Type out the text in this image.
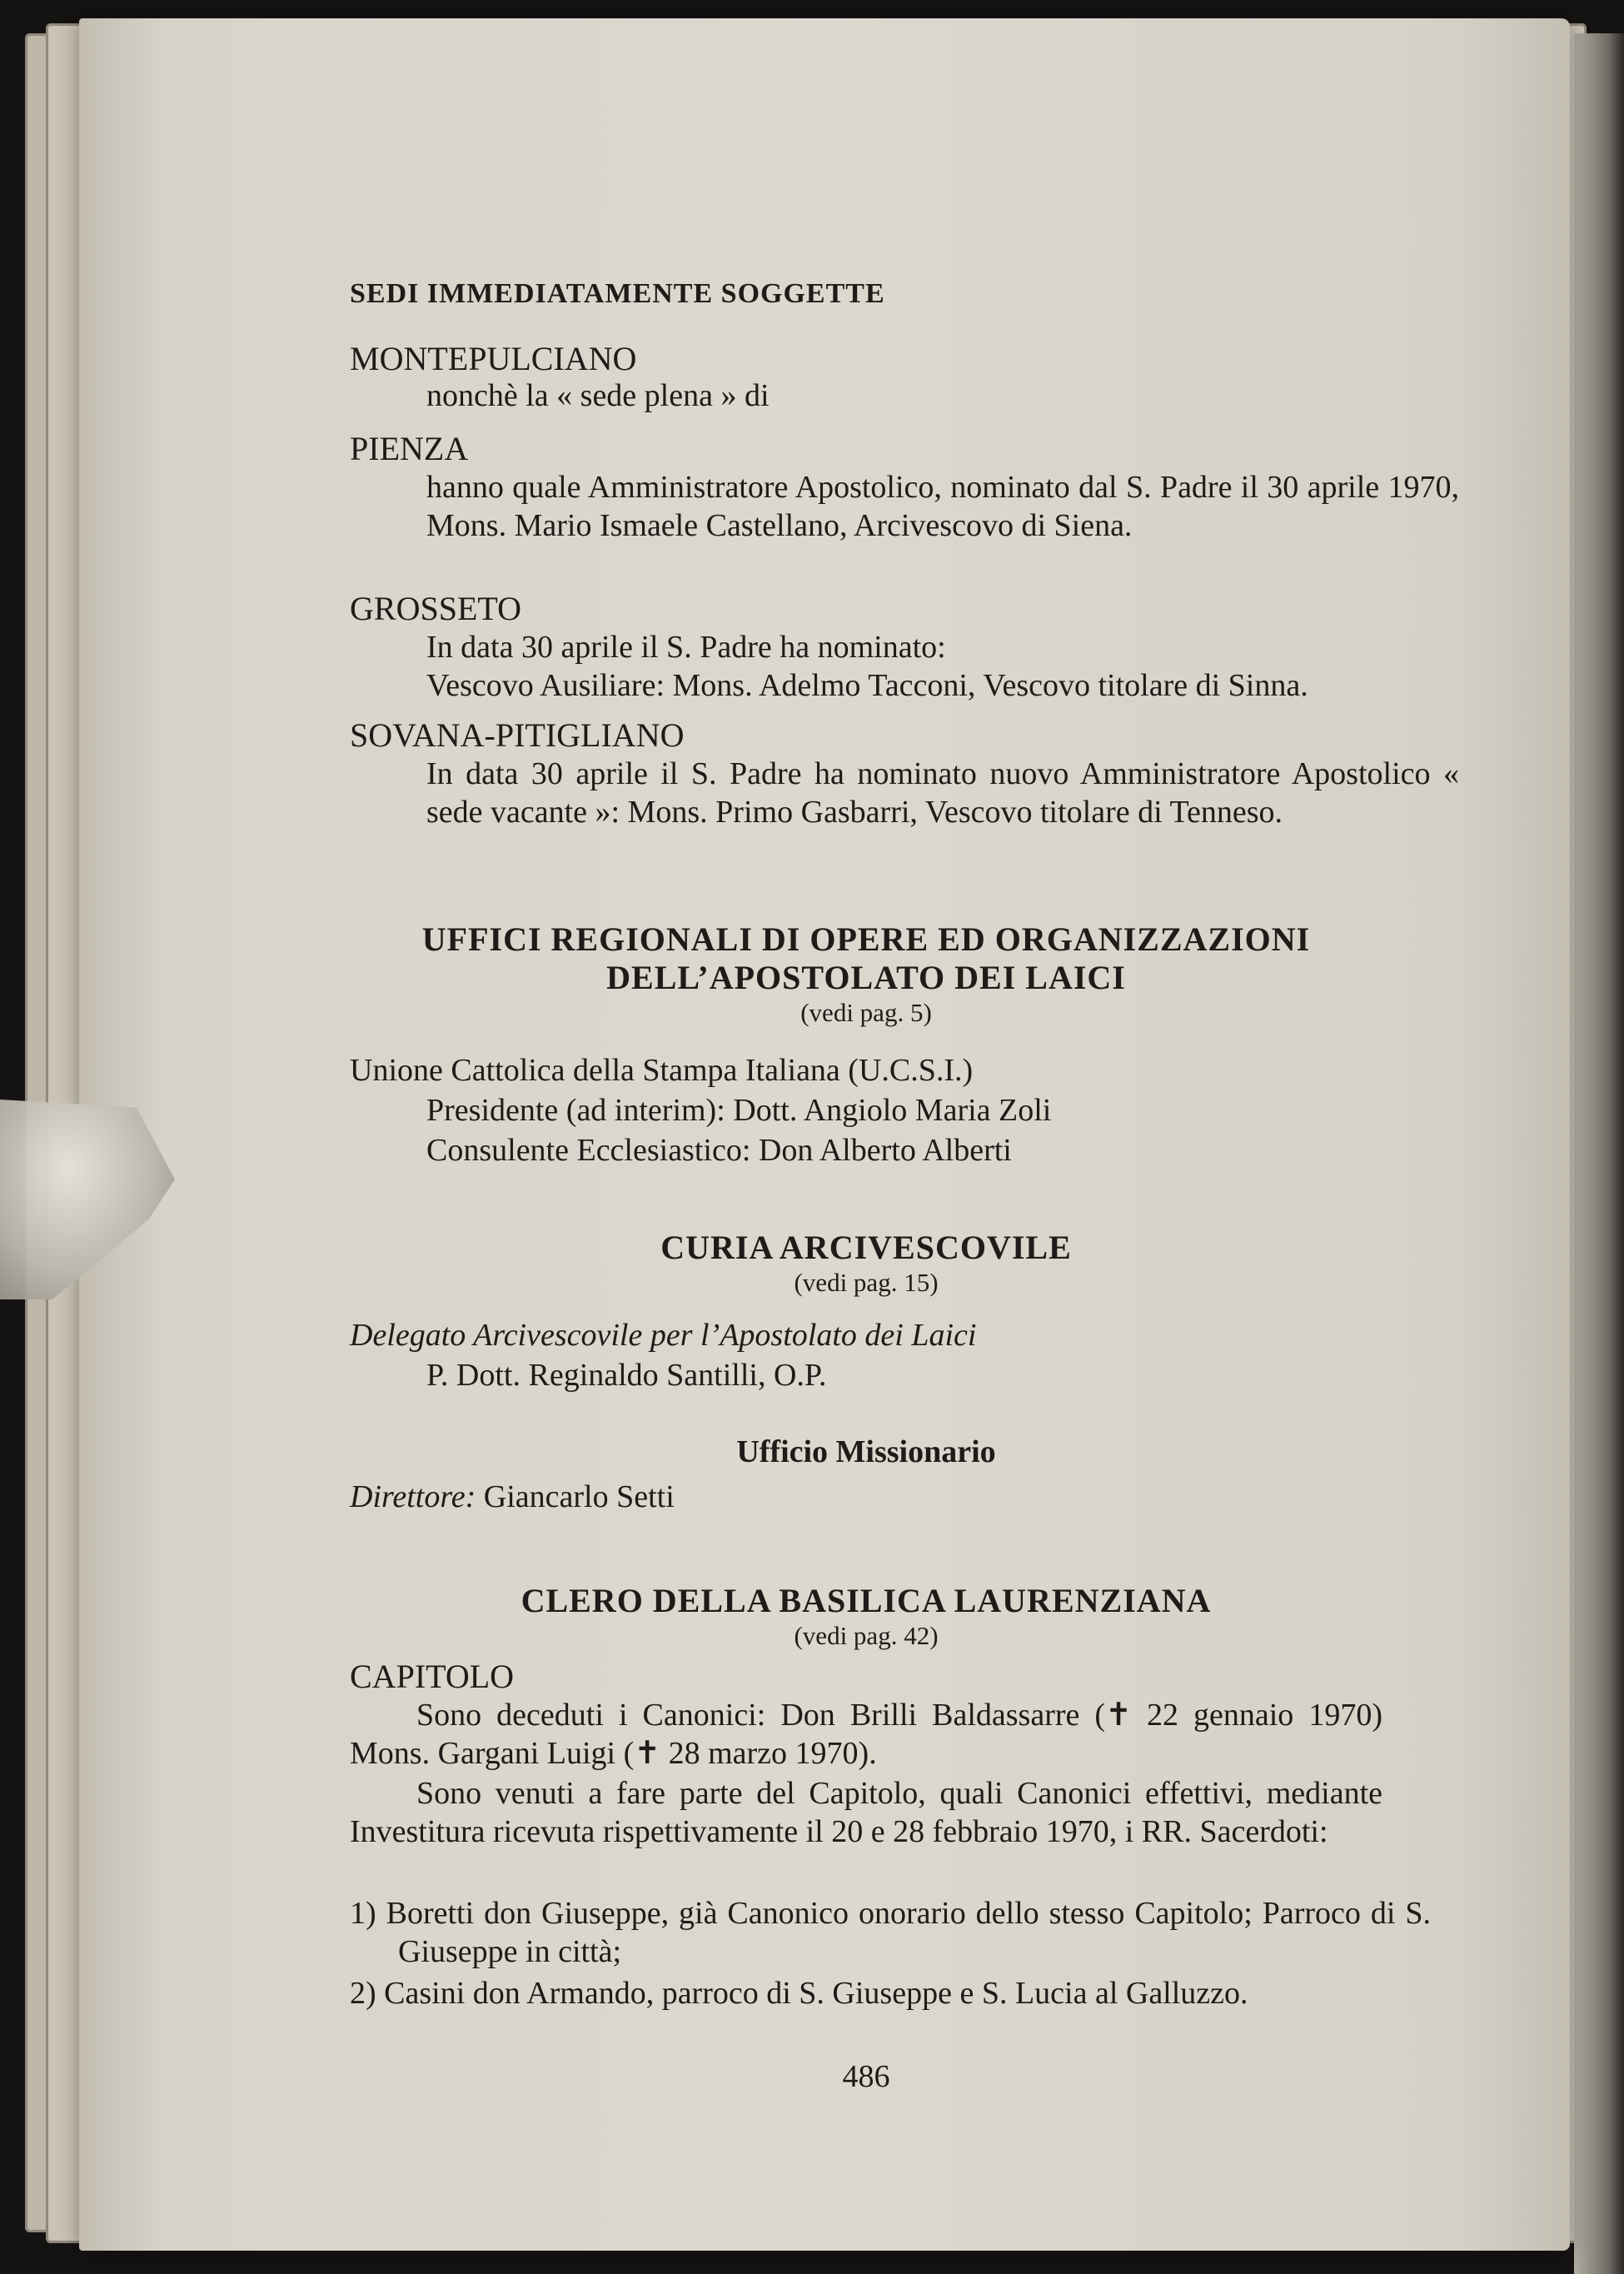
SEDI IMMEDIATAMENTE SOGGETTE
MONTEPULCIANO
nonchè la « sede plena » di
PIENZA
hanno quale Amministratore Apostolico, nominato dal S. Padre il 30 aprile 1970, Mons. Mario Ismaele Castellano, Arcivescovo di Siena.
GROSSETO
In data 30 aprile il S. Padre ha nominato:
Vescovo Ausiliare: Mons. Adelmo Tacconi, Vescovo titolare di Sinna.
SOVANA-PITIGLIANO
In data 30 aprile il S. Padre ha nominato nuovo Amministratore Apostolico « sede vacante »: Mons. Primo Gasbarri, Vescovo titolare di Tenneso.
UFFICI REGIONALI DI OPERE ED ORGANIZZAZIONI
DELL’APOSTOLATO DEI LAICI
(vedi pag. 5)
Unione Cattolica della Stampa Italiana (U.C.S.I.)
Presidente (ad interim): Dott. Angiolo Maria Zoli
Consulente Ecclesiastico: Don Alberto Alberti
CURIA ARCIVESCOVILE
(vedi pag. 15)
Delegato Arcivescovile per l’Apostolato dei Laici
P. Dott. Reginaldo Santilli, O.P.
Ufficio Missionario
Direttore: Giancarlo Setti
CLERO DELLA BASILICA LAURENZIANA
(vedi pag. 42)
CAPITOLO
Sono deceduti i Canonici: Don Brilli Baldassarre (✝ 22 gennaio 1970) Mons. Gargani Luigi (✝ 28 marzo 1970).
Sono venuti a fare parte del Capitolo, quali Canonici effettivi, mediante Investitura ricevuta rispettivamente il 20 e 28 febbraio 1970, i RR. Sacerdoti:
1) Boretti don Giuseppe, già Canonico onorario dello stesso Capitolo; Parroco di S. Giuseppe in città;
2) Casini don Armando, parroco di S. Giuseppe e S. Lucia al Galluzzo.
486
